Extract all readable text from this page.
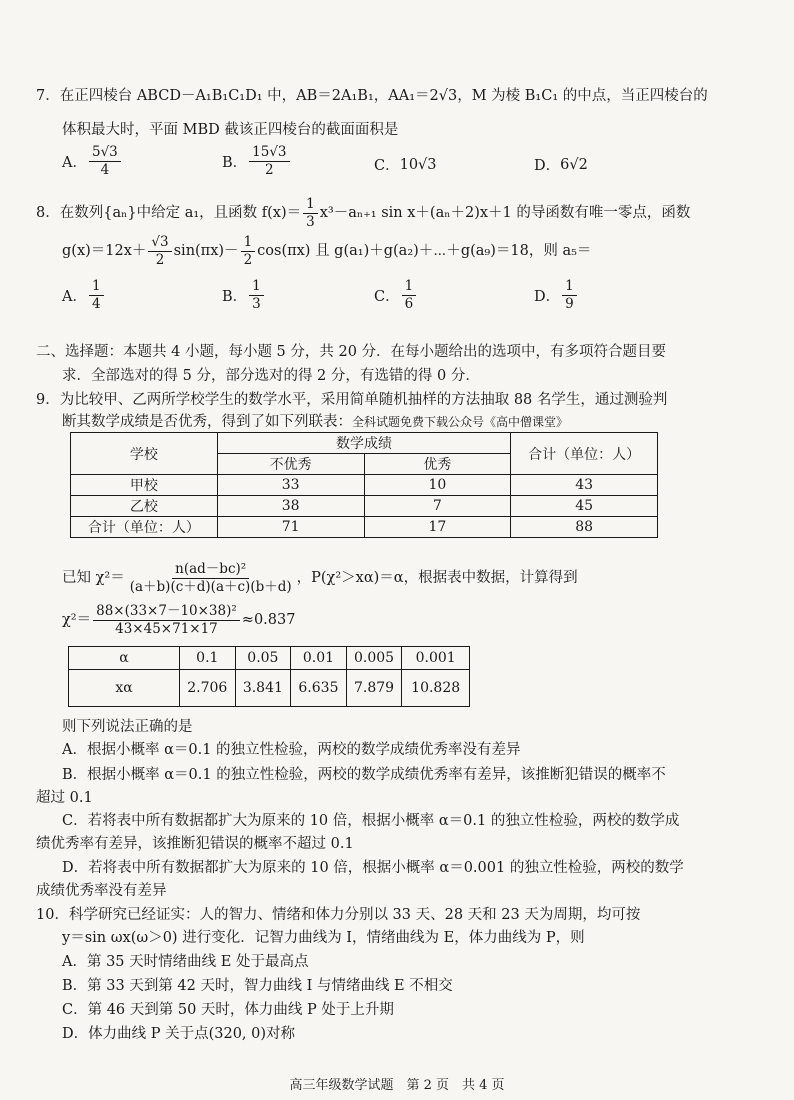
7．在正四棱台 ABCD－A₁B₁C₁D₁ 中，AB＝2A₁B₁，AA₁＝2√3，M 为棱 B₁C₁ 的中点，当正四棱台的
体积最大时，平面 MBD 截该正四棱台的截面面积是
A． $\frac{5√3}{4}$	B． $\frac{15√3}{2}$	C． 10√3	D． 6√2
8．在数列{aₙ}中给定 a₁，且函数 $f(x)= \frac{1}{3} x^3-a_{n+1}$ sin x＋(aₙ＋2)x＋1 的导函数有唯一零点，函数
$g(x)=12x+ \frac{√3}{2} \sin(\pi x)- \frac{1}{2} \cos(\pi x)$ 且 g(a₁)＋g(a₂)＋⋯＋g(a₉)＝18，则 a₅＝
A． $\frac{1}{4}$	B． $\frac{1}{3}$	C． $\frac{1}{6}$	D． $\frac{1}{9}$
二、选择题：本题共 4 小题，每小题 5 分，共 20 分．在每小题给出的选项中，有多项符合题目要
求．全部选对的得 5 分，部分选对的得 2 分，有选错的得 0 分．
9．为比较甲、乙两所学校学生的数学水平，采用简单随机抽样的方法抽取 88 名学生，通过测验判
断其数学成绩是否优秀，得到了如下列联表：全科试题免费下载公众号《高中僧课堂》
学校	数学成绩		合计（单位：人）
	不优秀	优秀	
甲校	33	10	43
乙校	38	7	45
合计（单位：人）	71	17	88
已知 $\chi^2= \frac{\text{n(ad－bc)²}}{(a+b)(c+d)(a+c)(b+d)}$ ，P(χ²＞xα)＝α，根据表中数据，计算得到
$\chi^2= \frac{\text{88×(33×7－10×38)²}}{43\times 45\times 71\times 17} \approx 0.837$
α	0.1	0.05	0.01	0.005	0.001
xα	2.706	3.841	6.635	7.879	10.828
则下列说法正确的是
A．根据小概率 α＝0.1 的独立性检验，两校的数学成绩优秀率没有差异
B．根据小概率 α＝0.1 的独立性检验，两校的数学成绩优秀率有差异，该推断犯错误的概率不
超过 0.1
C．若将表中所有数据都扩大为原来的 10 倍，根据小概率 α＝0.1 的独立性检验，两校的数学成
绩优秀率有差异，该推断犯错误的概率不超过 0.1
D．若将表中所有数据都扩大为原来的 10 倍，根据小概率 α＝0.001 的独立性检验，两校的数学
成绩优秀率没有差异
10．科学研究已经证实：人的智力、情绪和体力分别以 33 天、28 天和 23 天为周期，均可按
y＝sin ωx(ω＞0) 进行变化．记智力曲线为 I，情绪曲线为 E，体力曲线为 P，则
A．第 35 天时情绪曲线 E 处于最高点
B．第 33 天到第 42 天时，智力曲线 I 与情绪曲线 E 不相交
C．第 46 天到第 50 天时，体力曲线 P 处于上升期
D．体力曲线 P 关于点(320, 0)对称
高三年级数学试题　第 2 页　共 4 页
